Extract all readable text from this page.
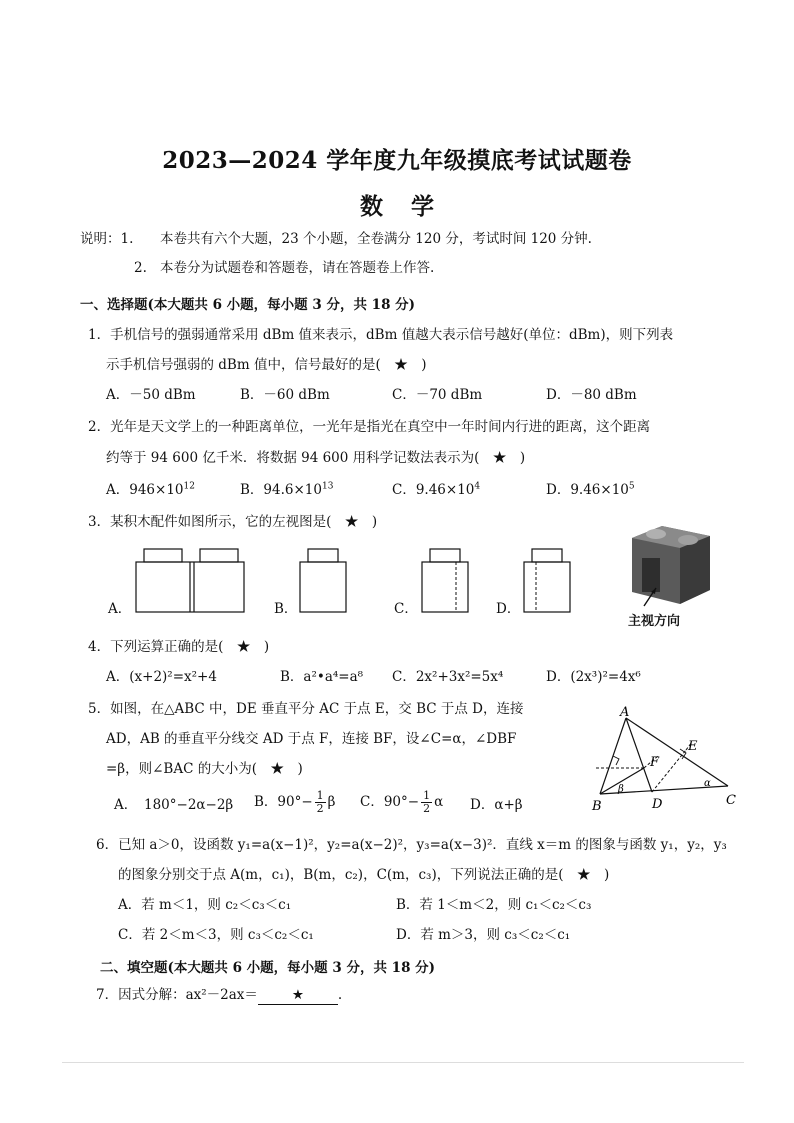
2023—2024 学年度九年级摸底考试试题卷
数学
说明：1. 本卷共有六个大题，23 个小题，全卷满分 120 分，考试时间 120 分钟.
2. 本卷分为试题卷和答题卷，请在答题卷上作答.
一、选择题(本大题共 6 小题，每小题 3 分，共 18 分)
1．手机信号的强弱通常采用 dBm 值来表示，dBm 值越大表示信号越好(单位：dBm)，则下列表
示手机信号强弱的 dBm 值中，信号最好的是(　★　)
A．－50 dBm	B．－60 dBm	C．－70 dBm	D．－80 dBm
2．光年是天文学上的一种距离单位，一光年是指光在真空中一年时间内行进的距离，这个距离
约等于 94 600 亿千米．将数据 94 600 用科学记数法表示为(　★　)
A．$946\times 10^{12}$	B．$94.6\times 10^{13}$	C．$9.46\times 10^4$	D．$9.46\times 10^5$
3．某积木配件如图所示，它的左视图是(　★　)
A．	B．	C．	D．
主视方向
4．下列运算正确的是(　★　)
A．(x+2)²=x²+4	B．a²•a⁴=a⁸ C．2x²+3x²=5x⁴	D．(2x³)²=4x⁶
5．如图，在△ABC 中，DE 垂直平分 AC 于点 E，交 BC 于点 D，连接
AD，AB 的垂直平分线交 AD 于点 F，连接 BF，设∠C=α，∠DBF
=β，则∠BAC 的大小为(　★　)
A．　180°−2α−2β B．$90^\circ- \frac{1}{2}$ β C．$90^\circ- \frac{1}{2}$ α D．α+β
A
B	C
D
E
F
α
β
6．已知 a＞0，设函数 y₁=a(x−1)²，y₂=a(x−2)²，y₃=a(x−3)²．直线 x＝m 的图象与函数 y₁，y₂，y₃
的图象分别交于点 A(m，c₁)，B(m，c₂)，C(m，c₃)，下列说法正确的是(　★　)
A．若 m＜1，则 c₂＜c₃＜c₁	B．若 1＜m＜2，则 c₁＜c₂＜c₃
C．若 2＜m＜3，则 c₃＜c₂＜c₁	D．若 m＞3，则 c₃＜c₂＜c₁
二、填空题(本大题共 6 小题，每小题 3 分，共 18 分)
7．因式分解：ax²－2ax＝	★	.
